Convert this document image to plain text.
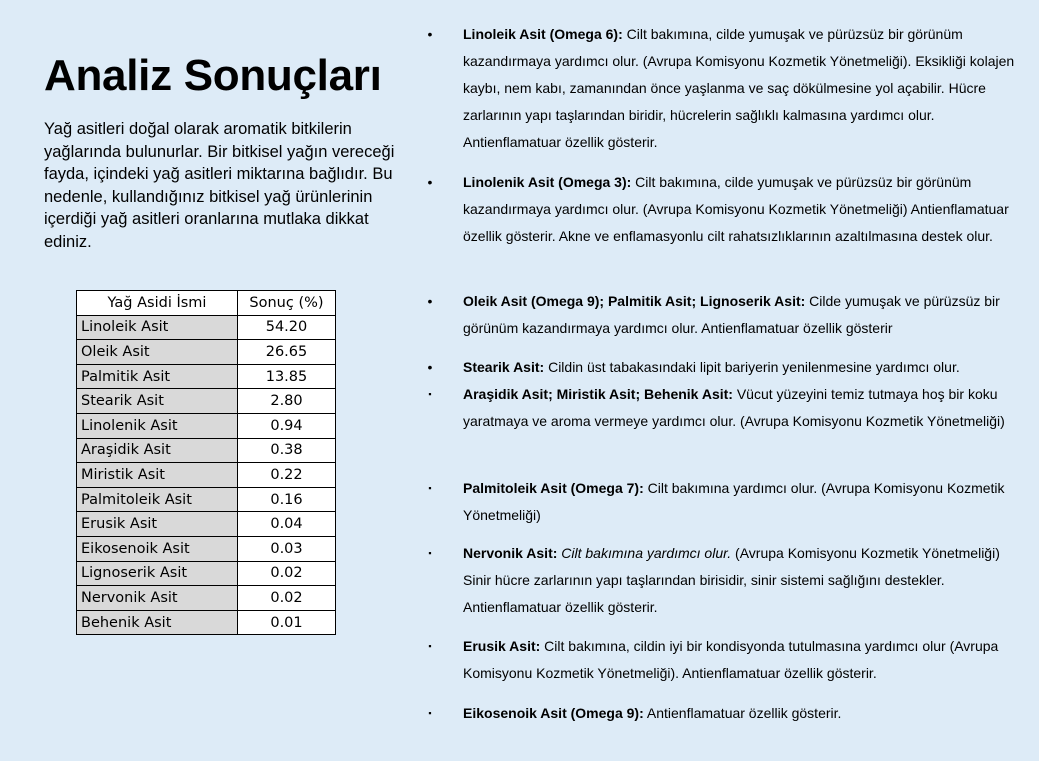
Analiz Sonuçları

Yağ asitleri doğal olarak aromatik bitkilerin yağlarında bulunurlar. Bir bitkisel yağın vereceği fayda, içindeki yağ asitleri miktarına bağlıdır. Bu nedenle, kullandığınız bitkisel yağ ürünlerinin içerdiği yağ asitleri oranlarına mutlaka dikkat ediniz.

Yağ Asidi İsmi	Sonuç (%)
Linoleik Asit	54.20
Oleik Asit	26.65
Palmitik Asit	13.85
Stearik Asit	2.80
Linolenik Asit	0.94
Araşidik Asit	0.38
Miristik Asit	0.22
Palmitoleik Asit	0.16
Erusik Asit	0.04
Eikosenoik Asit	0.03
Lignoserik Asit	0.02
Nervonik Asit	0.02
Behenik Asit	0.01
•	Linoleik Asit (Omega 6): Cilt bakımına, cilde yumuşak ve pürüzsüz bir görünüm kazandırmaya yardımcı olur. (Avrupa Komisyonu Kozmetik Yönetmeliği). Eksikliği kolajen kaybı, nem kabı, zamanından önce yaşlanma ve saç dökülmesine yol açabilir. Hücre zarlarının yapı taşlarından biridir, hücrelerin sağlıklı kalmasına yardımcı olur. Antienflamatuar özellik gösterir.
•	Linolenik Asit (Omega 3): Cilt bakımına, cilde yumuşak ve pürüzsüz bir görünüm kazandırmaya yardımcı olur. (Avrupa Komisyonu Kozmetik Yönetmeliği) Antienflamatuar özellik gösterir. Akne ve enflamasyonlu cilt rahatsızlıklarının azaltılmasına destek olur.
•	Oleik Asit (Omega 9); Palmitik Asit; Lignoserik Asit: Cilde yumuşak ve pürüzsüz bir görünüm kazandırmaya yardımcı olur. Antienflamatuar özellik gösterir
•	Stearik Asit: Cildin üst tabakasındaki lipit bariyerin yenilenmesine yardımcı olur.
▪	Araşidik Asit; Miristik Asit; Behenik Asit: Vücut yüzeyini temiz tutmaya hoş bir koku yaratmaya ve aroma vermeye yardımcı olur. (Avrupa Komisyonu Kozmetik Yönetmeliği)
▪	Palmitoleik Asit (Omega 7): Cilt bakımına yardımcı olur. (Avrupa Komisyonu Kozmetik Yönetmeliği)
▪	Nervonik Asit: Cilt bakımına yardımcı olur. (Avrupa Komisyonu Kozmetik Yönetmeliği) Sinir hücre zarlarının yapı taşlarından birisidir, sinir sistemi sağlığını destekler. Antienflamatuar özellik gösterir.
▪	Erusik Asit: Cilt bakımına, cildin iyi bir kondisyonda tutulmasına yardımcı olur (Avrupa Komisyonu Kozmetik Yönetmeliği). Antienflamatuar özellik gösterir.
▪	Eikosenoik Asit (Omega 9): Antienflamatuar özellik gösterir.
